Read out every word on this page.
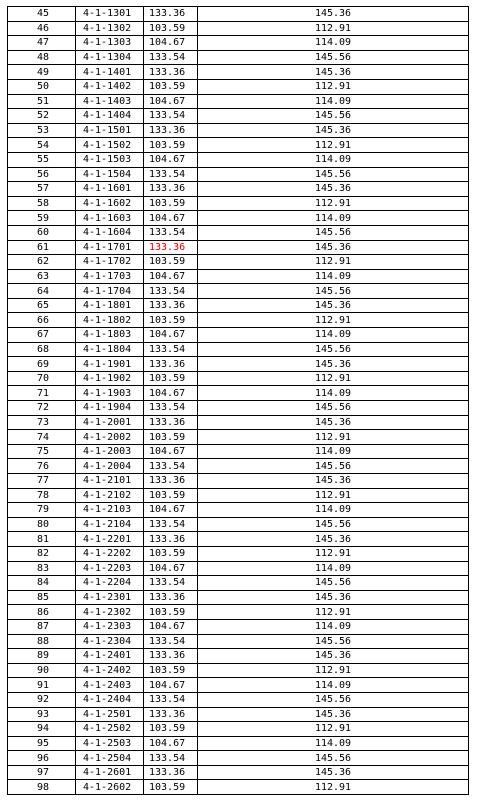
45	4-1-1301	133.36	145.36
46	4-1-1302	103.59	112.91
47	4-1-1303	104.67	114.09
48	4-1-1304	133.54	145.56
49	4-1-1401	133.36	145.36
50	4-1-1402	103.59	112.91
51	4-1-1403	104.67	114.09
52	4-1-1404	133.54	145.56
53	4-1-1501	133.36	145.36
54	4-1-1502	103.59	112.91
55	4-1-1503	104.67	114.09
56	4-1-1504	133.54	145.56
57	4-1-1601	133.36	145.36
58	4-1-1602	103.59	112.91
59	4-1-1603	104.67	114.09
60	4-1-1604	133.54	145.56
61	4-1-1701	133.36	145.36
62	4-1-1702	103.59	112.91
63	4-1-1703	104.67	114.09
64	4-1-1704	133.54	145.56
65	4-1-1801	133.36	145.36
66	4-1-1802	103.59	112.91
67	4-1-1803	104.67	114.09
68	4-1-1804	133.54	145.56
69	4-1-1901	133.36	145.36
70	4-1-1902	103.59	112.91
71	4-1-1903	104.67	114.09
72	4-1-1904	133.54	145.56
73	4-1-2001	133.36	145.36
74	4-1-2002	103.59	112.91
75	4-1-2003	104.67	114.09
76	4-1-2004	133.54	145.56
77	4-1-2101	133.36	145.36
78	4-1-2102	103.59	112.91
79	4-1-2103	104.67	114.09
80	4-1-2104	133.54	145.56
81	4-1-2201	133.36	145.36
82	4-1-2202	103.59	112.91
83	4-1-2203	104.67	114.09
84	4-1-2204	133.54	145.56
85	4-1-2301	133.36	145.36
86	4-1-2302	103.59	112.91
87	4-1-2303	104.67	114.09
88	4-1-2304	133.54	145.56
89	4-1-2401	133.36	145.36
90	4-1-2402	103.59	112.91
91	4-1-2403	104.67	114.09
92	4-1-2404	133.54	145.56
93	4-1-2501	133.36	145.36
94	4-1-2502	103.59	112.91
95	4-1-2503	104.67	114.09
96	4-1-2504	133.54	145.56
97	4-1-2601	133.36	145.36
98	4-1-2602	103.59	112.91
